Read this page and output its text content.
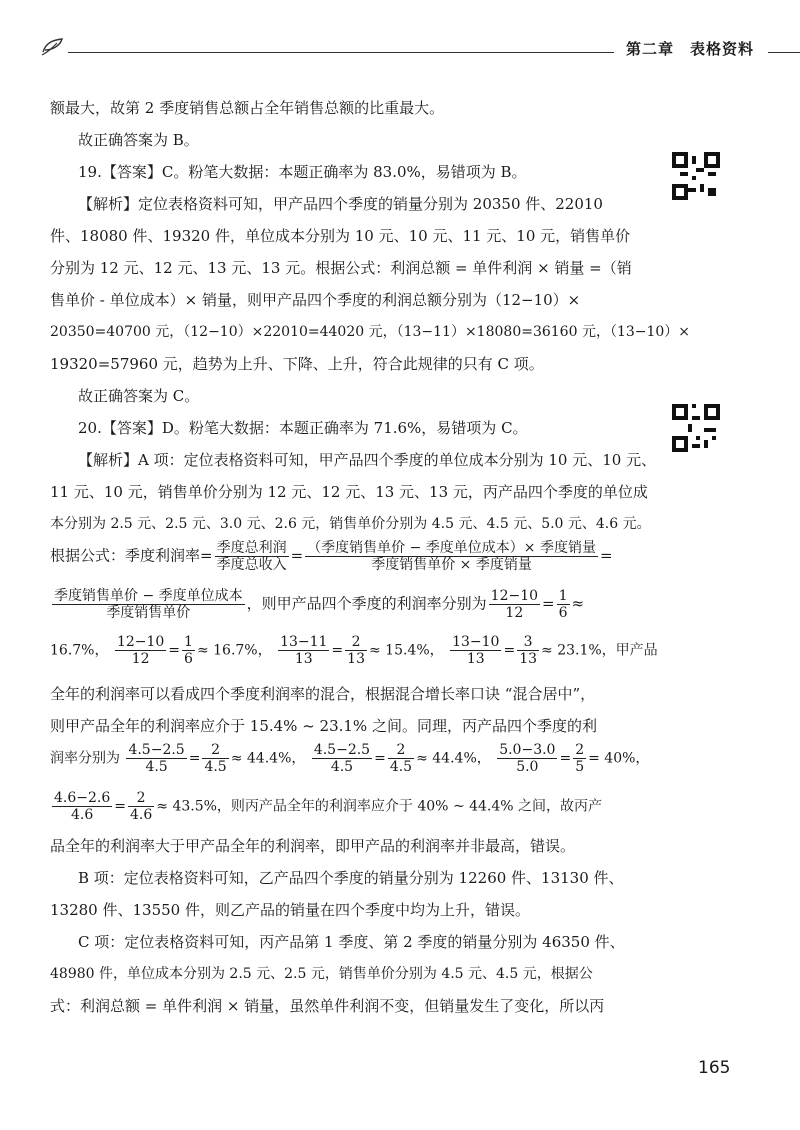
第二章　表格资料
额最大，故第 2 季度销售总额占全年销售总额的比重最大。
故正确答案为 B。
19.【答案】C。粉笔大数据：本题正确率为 83.0%，易错项为 B。
【解析】定位表格资料可知，甲产品四个季度的销量分别为 20350 件、22010
件、18080 件、19320 件，单位成本分别为 10 元、10 元、11 元、10 元，销售单价
分别为 12 元、12 元、13 元、13 元。根据公式：利润总额 = 单件利润 × 销量 =（销
售单价 - 单位成本）× 销量，则甲产品四个季度的利润总额分别为（12−10）×
20350=40700 元，（12−10）×22010=44020 元，（13−11）×18080=36160 元，（13−10）×
19320=57960 元，趋势为上升、下降、上升，符合此规律的只有 C 项。
故正确答案为 C。
20.【答案】D。粉笔大数据：本题正确率为 71.6%，易错项为 C。
【解析】A 项：定位表格资料可知，甲产品四个季度的单位成本分别为 10 元、10 元、
11 元、10 元，销售单价分别为 12 元、12 元、13 元、13 元，丙产品四个季度的单位成
本分别为 2.5 元、2.5 元、3.0 元、2.6 元，销售单价分别为 4.5 元、4.5 元、5.0 元、4.6 元。
根据公式：季度利润率= $\frac{\text{季度总利润}}{\text{季度总收入}} = \frac{\text{（季度销售单价 − 季度单位成本）× 季度销量}}{\text{季度销售单价 × 季度销量}}$ =
$\frac{\text{季度销售单价 − 季度单位成本}}{\text{季度销售单价}}$ ，则甲产品四个季度的利润率分别为 $\frac{12-10}{12} = \frac{1}{6}$ ≈
16.7%， $\frac{12-10}{12} = \frac{1}{6} \approx 16.7\%$， $\frac{13-11}{13} = \frac{2}{13} \approx 15.4\%$， $\frac{13-10}{13} = \frac{3}{13} \approx 23.1\%$，甲产品
全年的利润率可以看成四个季度利润率的混合，根据混合增长率口诀 “混合居中”，
则甲产品全年的利润率应介于 15.4% ~ 23.1% 之间。同理，丙产品四个季度的利
润率分别为 $\frac{4.5-2.5}{4.5} = \frac{2}{4.5} \approx 44.4\%$， $\frac{4.5-2.5}{4.5} = \frac{2}{4.5} \approx 44.4\%$， $\frac{5.0-3.0}{5.0} = \frac{2}{5} = 40\%$，
$\frac{4.6-2.6}{4.6} = \frac{2}{4.6} \approx 43.5\%$，则丙产品全年的利润率应介于 40% ~ 44.4% 之间，故丙产
品全年的利润率大于甲产品全年的利润率，即甲产品的利润率并非最高，错误。
B 项：定位表格资料可知，乙产品四个季度的销量分别为 12260 件、13130 件、
13280 件、13550 件，则乙产品的销量在四个季度中均为上升，错误。
C 项：定位表格资料可知，丙产品第 1 季度、第 2 季度的销量分别为 46350 件、
48980 件，单位成本分别为 2.5 元、2.5 元，销售单价分别为 4.5 元、4.5 元，根据公
式：利润总额 = 单件利润 × 销量，虽然单件利润不变，但销量发生了变化，所以丙
165
